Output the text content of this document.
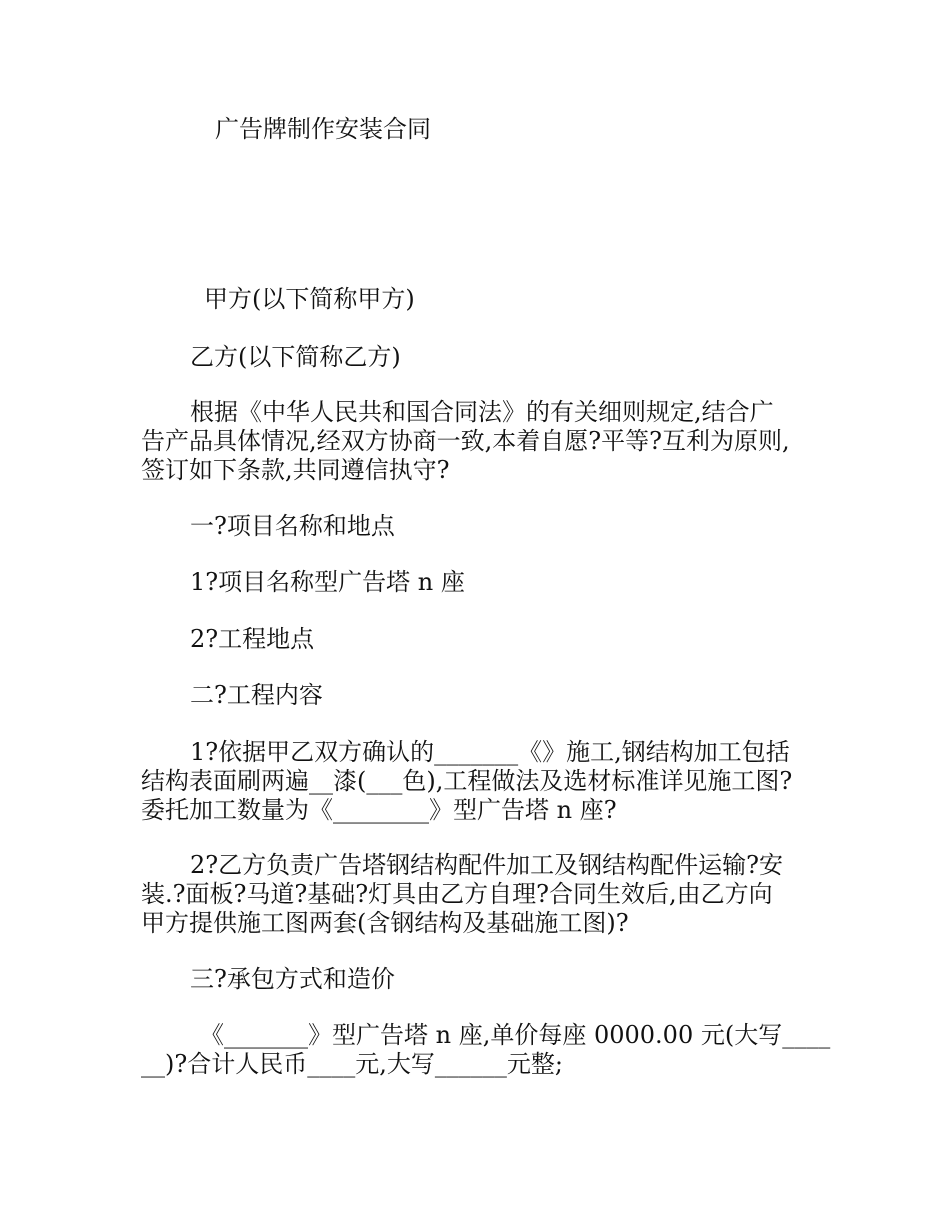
广告牌制作安装合同
甲方(以下简称甲方)
乙方(以下简称乙方)
根据《中华人民共和国合同法》的有关细则规定,结合广
告产品具体情况,经双方协商一致,本着自愿?平等?互利为原则,
签订如下条款,共同遵信执守?
一?项目名称和地点
1?项目名称型广告塔 n 座
2?工程地点
二?工程内容
1?依据甲乙双方确认的_______《》施工,钢结构加工包括
结构表面刷两遍__漆(___色),工程做法及选材标准详见施工图?
委托加工数量为《________》型广告塔 n 座?
2?乙方负责广告塔钢结构配件加工及钢结构配件运输?安
装.?面板?马道?基础?灯具由乙方自理?合同生效后,由乙方向
甲方提供施工图两套(含钢结构及基础施工图)?
三?承包方式和造价
《_______》型广告塔 n 座,单价每座 0000.00 元(大写____
__)?合计人民币____元,大写______元整;
